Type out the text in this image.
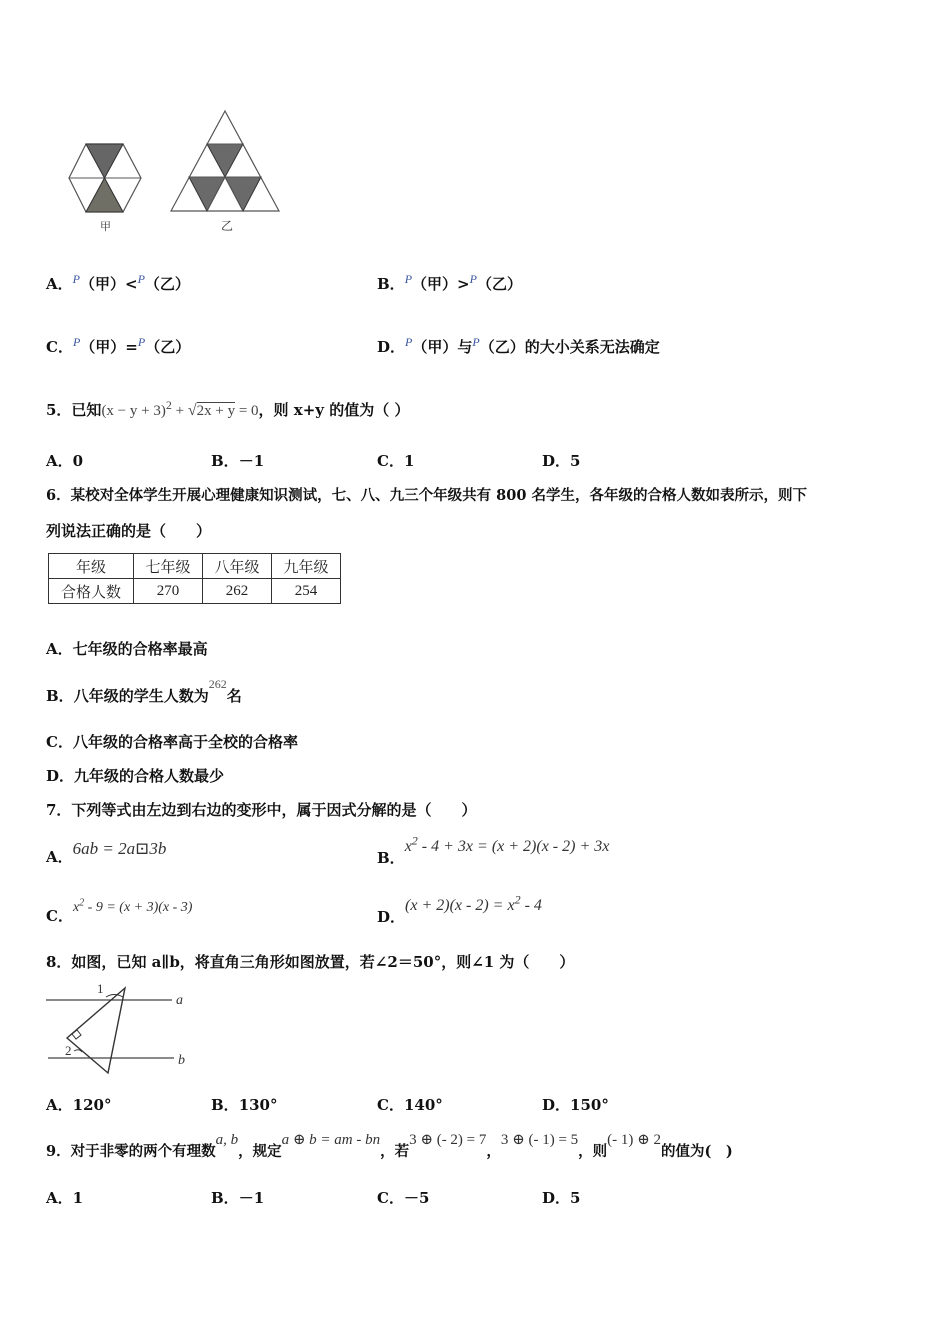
甲	乙
A．$^P$（甲）<$^P$（乙）	B．$^P$（甲）>$^P$（乙）
C．$^P$（甲）=$^P$（乙）	D．$^P$（甲）与$^P$（乙）的大小关系无法确定
5．已知$(x - y + 3)^2 + √2x + y = 0$，则 x+y 的值为（ ）
A．0	B．－1	C．1	D．5
6．某校对全体学生开展心理健康知识测试，七、八、九三个年级共有 800 名学生，各年级的合格人数如表所示，则下
列说法正确的是（　　）
年级	七年级	八年级	九年级
合格人数	270	262	254
A．七年级的合格率最高
B．八年级的学生人数为$^{262}$名
C．八年级的合格率高于全校的合格率
D．九年级的合格人数最少
7．下列等式由左边到右边的变形中，属于因式分解的是（　　）
A．6ab = 2a⊡3b
B．$x^2 - 4 + 3x = (x + 2)(x - 2) + 3x$
C．$x^2 - 9 = (x + 3)(x - 3)$
D．$(x + 2)(x - 2) = x^2 - 4$
8．如图，已知 a∥b，将直角三角形如图放置，若∠2＝50°，则∠1 为（　　）
1
2
a
b
A．120°	B．130°	C．140°	D．150°
9．对于非零的两个有理数a, b，规定a ⊕ b = am - bn，若3 ⊕ (- 2) = 7，3 ⊕ (- 1) = 5，则(- 1) ⊕ 2的值为(　)
A．1	B．－1	C．－5	D．5
